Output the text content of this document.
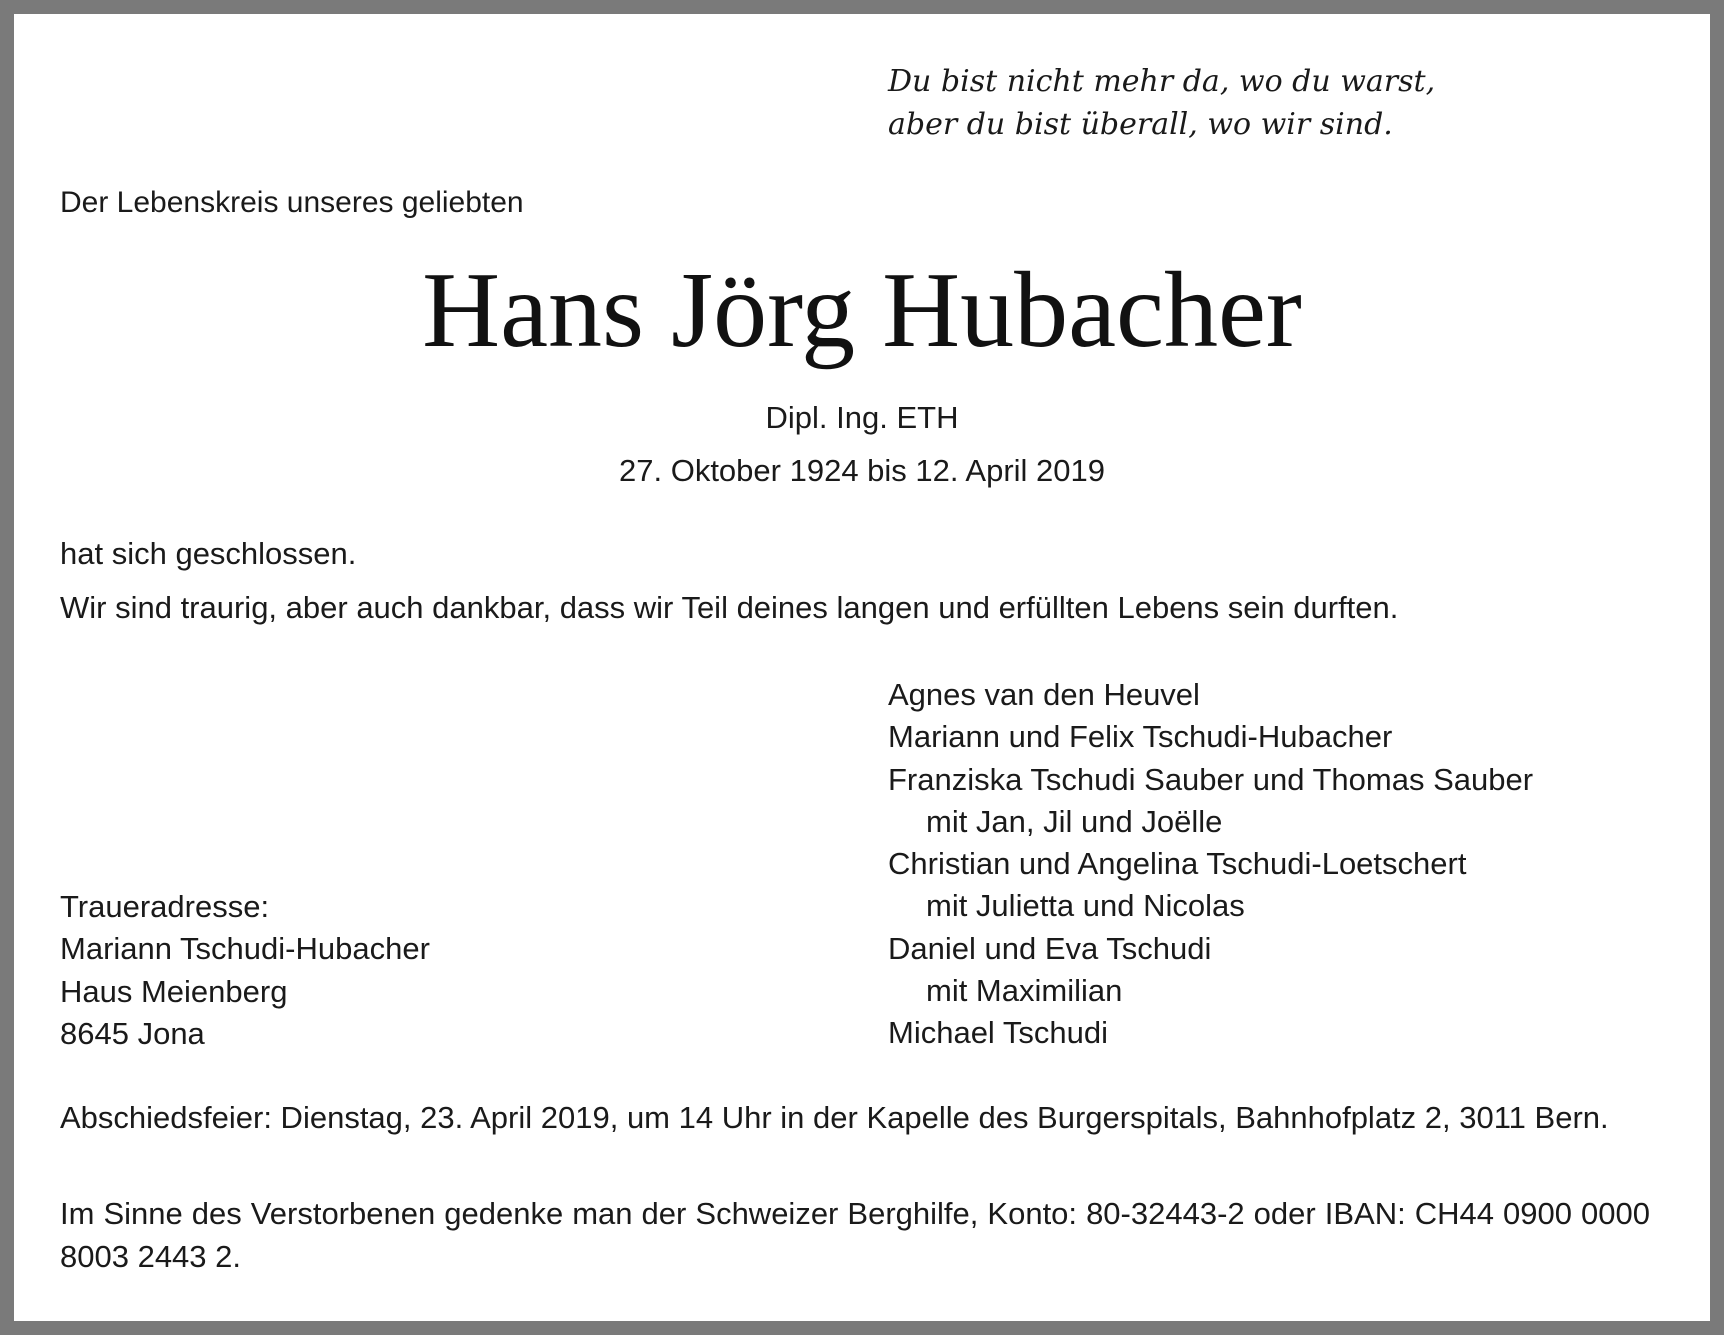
Du bist nicht mehr da, wo du warst,
aber du bist überall, wo wir sind.
Der Lebenskreis unseres geliebten
Hans Jörg Hubacher
Dipl. Ing. ETH
27. Oktober 1924 bis 12. April 2019
hat sich geschlossen.
Wir sind traurig, aber auch dankbar, dass wir Teil deines langen und erfüllten Lebens sein durften.
Agnes van den Heuvel
Mariann und Felix Tschudi-Hubacher
Franziska Tschudi Sauber und Thomas Sauber
mit Jan, Jil und Joëlle
Christian und Angelina Tschudi-Loetschert
mit Julietta und Nicolas
Daniel und Eva Tschudi
mit Maximilian
Michael Tschudi
Traueradresse:
Mariann Tschudi-Hubacher
Haus Meienberg
8645 Jona
Abschiedsfeier: Dienstag, 23. April 2019, um 14 Uhr in der Kapelle des Burgerspitals, Bahnhofplatz 2, 3011 Bern.
Im Sinne des Verstorbenen gedenke man der Schweizer Berghilfe, Konto: 80-32443-2 oder IBAN: CH44 0900 0000 8003 2443 2.
